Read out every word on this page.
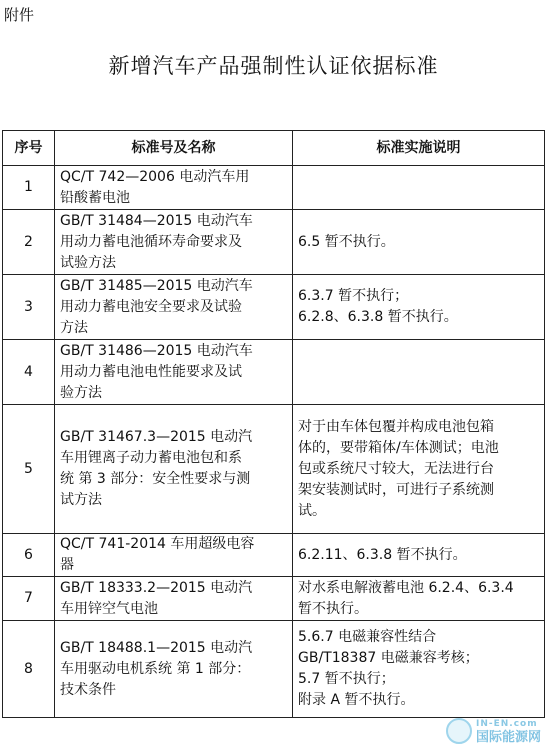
附件
新增汽车产品强制性认证依据标准
序号	标准号及名称	标准实施说明
1	QC/T 742—2006 电动汽车用
铅酸蓄电池	

2	GB/T 31484—2015 电动汽车
用动力蓄电池循环寿命要求及
试验方法	6.5 暂不执行。

3	GB/T 31485—2015 电动汽车
用动力蓄电池安全要求及试验
方法	6.3.7 暂不执行；
6.2.8、6.3.8 暂不执行。

4	GB/T 31486—2015 电动汽车
用动力蓄电池电性能要求及试
验方法	

5	GB/T 31467.3—2015 电动汽
车用锂离子动力蓄电池包和系
统 第 3 部分：安全性要求与测
试方法	对于由车体包覆并构成电池包箱
体的，要带箱体/车体测试；电池
包或系统尺寸较大，无法进行台
架安装测试时，可进行子系统测
试。

6	QC/T 741-2014 车用超级电容
器	6.2.11、6.3.8 暂不执行。

7	GB/T 18333.2—2015 电动汽
车用锌空气电池	对水系电解液蓄电池 6.2.4、6.3.4
暂不执行。

8	GB/T 18488.1—2015 电动汽
车用驱动电机系统 第 1 部分：
技术条件	5.6.7 电磁兼容性结合
GB/T18387 电磁兼容考核；
5.7 暂不执行；
附录 A 暂不执行。
IN-EN.com
国际能源网
